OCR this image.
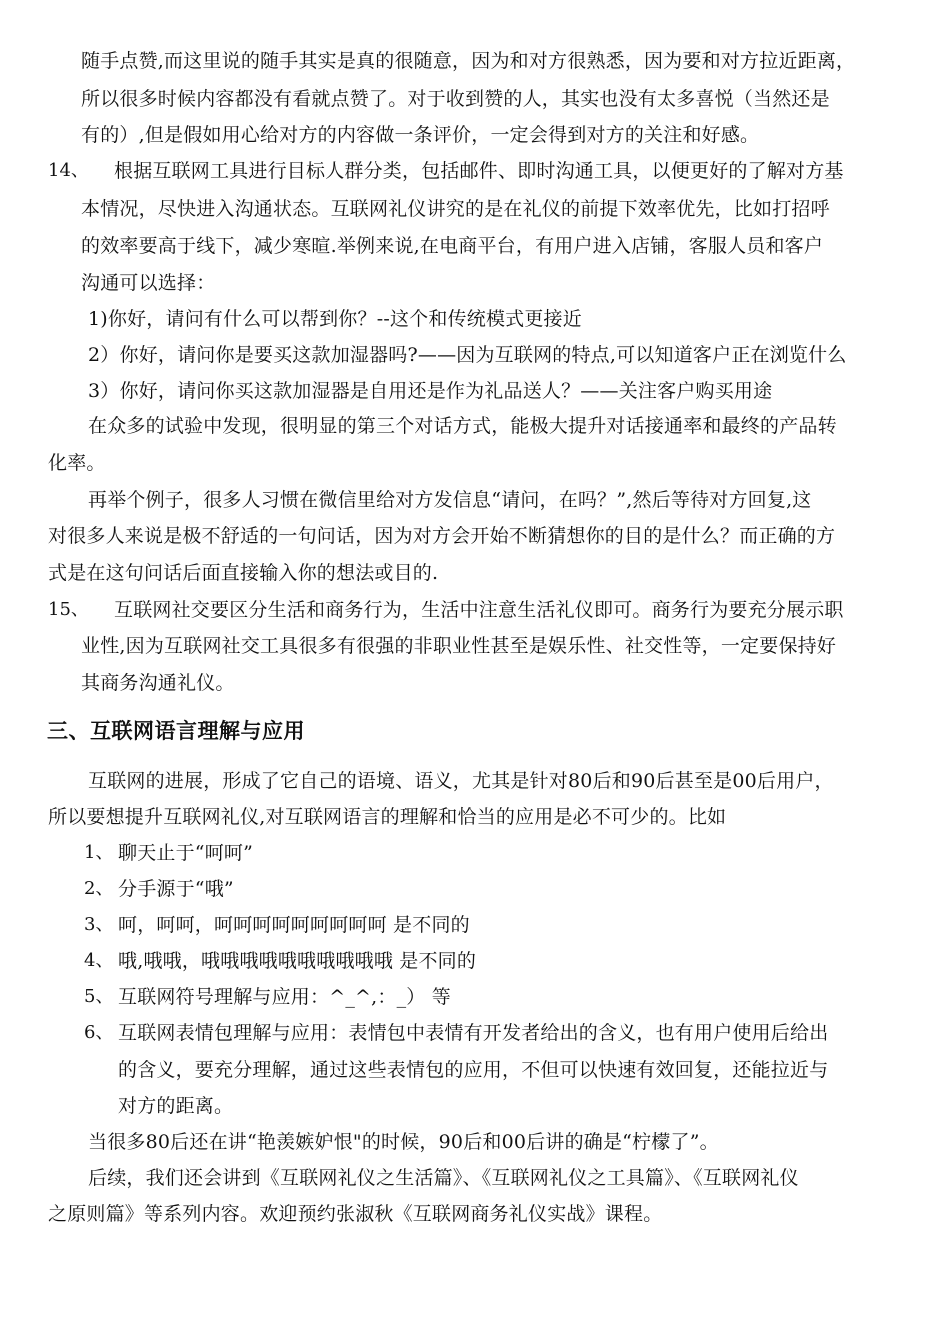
随手点赞,而这里说的随手其实是真的很随意，因为和对方很熟悉，因为要和对方拉近距离，
所以很多时候内容都没有看就点赞了。对于收到赞的人，其实也没有太多喜悦（当然还是
有的）,但是假如用心给对方的内容做一条评价，一定会得到对方的关注和好感。
14、 根据互联网工具进行目标人群分类，包括邮件、即时沟通工具，以便更好的了解对方基
本情况，尽快进入沟通状态。互联网礼仪讲究的是在礼仪的前提下效率优先，比如打招呼
的效率要高于线下，减少寒暄.举例来说,在电商平台，有用户进入店铺，客服人员和客户
沟通可以选择：
1)你好，请问有什么可以帮到你？--这个和传统模式更接近
2）你好，请问你是要买这款加湿器吗?——因为互联网的特点,可以知道客户正在浏览什么
3）你好，请问你买这款加湿器是自用还是作为礼品送人？——关注客户购买用途
在众多的试验中发现，很明显的第三个对话方式，能极大提升对话接通率和最终的产品转
化率。
再举个例子，很多人习惯在微信里给对方发信息“请问，在吗？”,然后等待对方回复,这
对很多人来说是极不舒适的一句问话，因为对方会开始不断猜想你的目的是什么？而正确的方
式是在这句问话后面直接输入你的想法或目的.
15、 互联网社交要区分生活和商务行为，生活中注意生活礼仪即可。商务行为要充分展示职
业性,因为互联网社交工具很多有很强的非职业性甚至是娱乐性、社交性等，一定要保持好
其商务沟通礼仪。
三、互联网语言理解与应用
互联网的进展，形成了它自己的语境、语义，尤其是针对80后和90后甚至是00后用户，
所以要想提升互联网礼仪,对互联网语言的理解和恰当的应用是必不可少的。比如
1、 聊天止于“呵呵”
2、 分手源于“哦”
3、 呵，呵呵，呵呵呵呵呵呵呵呵呵 是不同的
4、 哦,哦哦，哦哦哦哦哦哦哦哦哦哦 是不同的
5、 互联网符号理解与应用：^_^,：_） 等
6、 互联网表情包理解与应用：表情包中表情有开发者给出的含义，也有用户使用后给出
的含义，要充分理解，通过这些表情包的应用，不但可以快速有效回复，还能拉近与
对方的距离。
当很多80后还在讲“艳羡嫉妒恨"的时候，90后和00后讲的确是“柠檬了”。
后续，我们还会讲到《互联网礼仪之生活篇》、《互联网礼仪之工具篇》、《互联网礼仪
之原则篇》等系列内容。欢迎预约张淑秋《互联网商务礼仪实战》课程。
